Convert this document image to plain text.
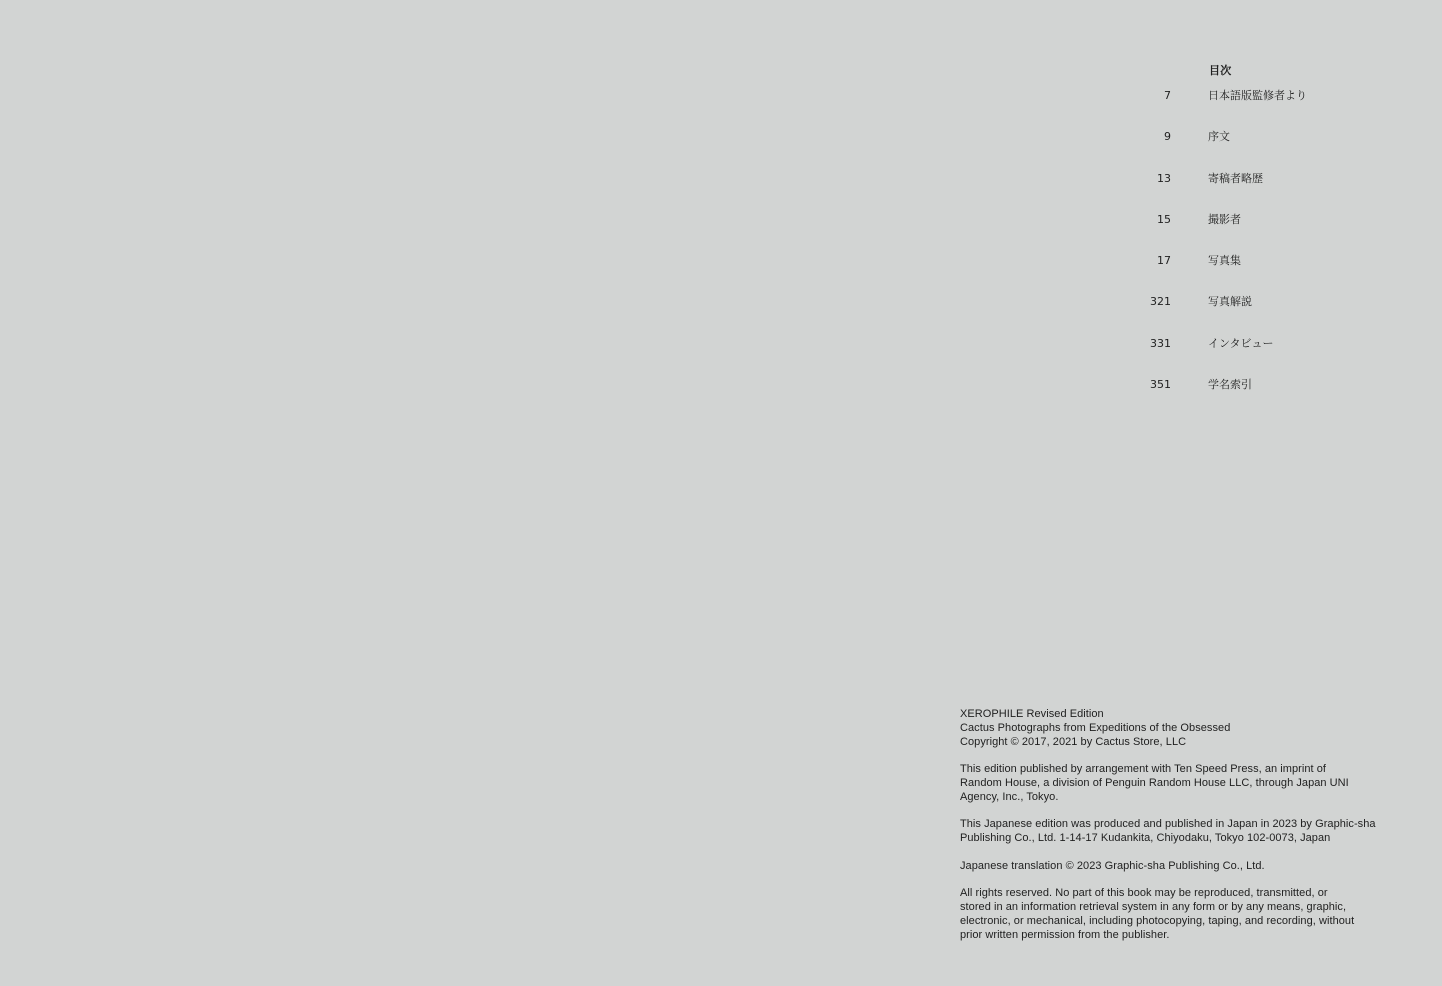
目次
7	日本語版監修者より
9	序文
13	寄稿者略歴
15	撮影者
17	写真集
321	写真解説
331	インタビュー
351	学名索引

XEROPHILE Revised Edition
Cactus Photographs from Expeditions of the Obsessed
Copyright © 2017, 2021 by Cactus Store, LLC

This edition published by arrangement with Ten Speed Press, an imprint of
Random House, a division of Penguin Random House LLC, through Japan UNI
Agency, Inc., Tokyo.

This Japanese edition was produced and published in Japan in 2023 by Graphic-sha
Publishing Co., Ltd. 1-14-17 Kudankita, Chiyodaku, Tokyo 102-0073, Japan

Japanese translation © 2023 Graphic-sha Publishing Co., Ltd.

All rights reserved. No part of this book may be reproduced, transmitted, or
stored in an information retrieval system in any form or by any means, graphic,
electronic, or mechanical, including photocopying, taping, and recording, without
prior written permission from the publisher.
